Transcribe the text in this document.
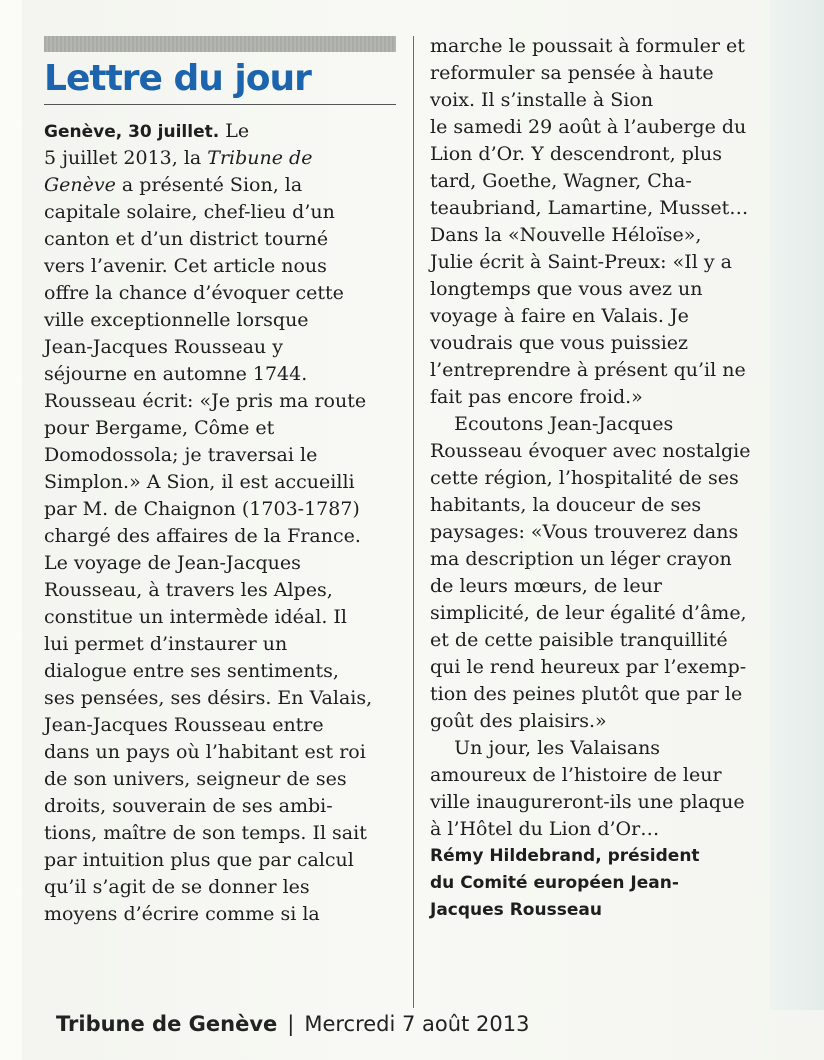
Lettre du jour
Genève, 30 juillet. Le
5 juillet 2013, la Tribune de
Genève a présenté Sion, la
capitale solaire, chef-lieu d’un
canton et d’un district tourné
vers l’avenir. Cet article nous
offre la chance d’évoquer cette
ville exceptionnelle lorsque
Jean-Jacques Rousseau y
séjourne en automne 1744.
Rousseau écrit: «Je pris ma route
pour Bergame, Côme et
Domodossola; je traversai le
Simplon.» A Sion, il est accueilli
par M. de Chaignon (1703-1787)
chargé des affaires de la France.
Le voyage de Jean-Jacques
Rousseau, à travers les Alpes,
constitue un intermède idéal. Il
lui permet d’instaurer un
dialogue entre ses sentiments,
ses pensées, ses désirs. En Valais,
Jean-Jacques Rousseau entre
dans un pays où l’habitant est roi
de son univers, seigneur de ses
droits, souverain de ses ambi-
tions, maître de son temps. Il sait
par intuition plus que par calcul
qu’il s’agit de se donner les
moyens d’écrire comme si la
marche le poussait à formuler et
reformuler sa pensée à haute
voix. Il s’installe à Sion
le samedi 29 août à l’auberge du
Lion d’Or. Y descendront, plus
tard, Goethe, Wagner, Cha-
teaubriand, Lamartine, Musset…
Dans la «Nouvelle Héloïse»,
Julie écrit à Saint-Preux: «Il y a
longtemps que vous avez un
voyage à faire en Valais. Je
voudrais que vous puissiez
l’entreprendre à présent qu’il ne
fait pas encore froid.»
Ecoutons Jean-Jacques
Rousseau évoquer avec nostalgie
cette région, l’hospitalité de ses
habitants, la douceur de ses
paysages: «Vous trouverez dans
ma description un léger crayon
de leurs mœurs, de leur
simplicité, de leur égalité d’âme,
et de cette paisible tranquillité
qui le rend heureux par l’exemp-
tion des peines plutôt que par le
goût des plaisirs.»
Un jour, les Valaisans
amoureux de l’histoire de leur
ville inaugureront-ils une plaque
à l’Hôtel du Lion d’Or…
Rémy Hildebrand, président
du Comité européen Jean-
Jacques Rousseau
Tribune de Genève | Mercredi 7 août 2013
